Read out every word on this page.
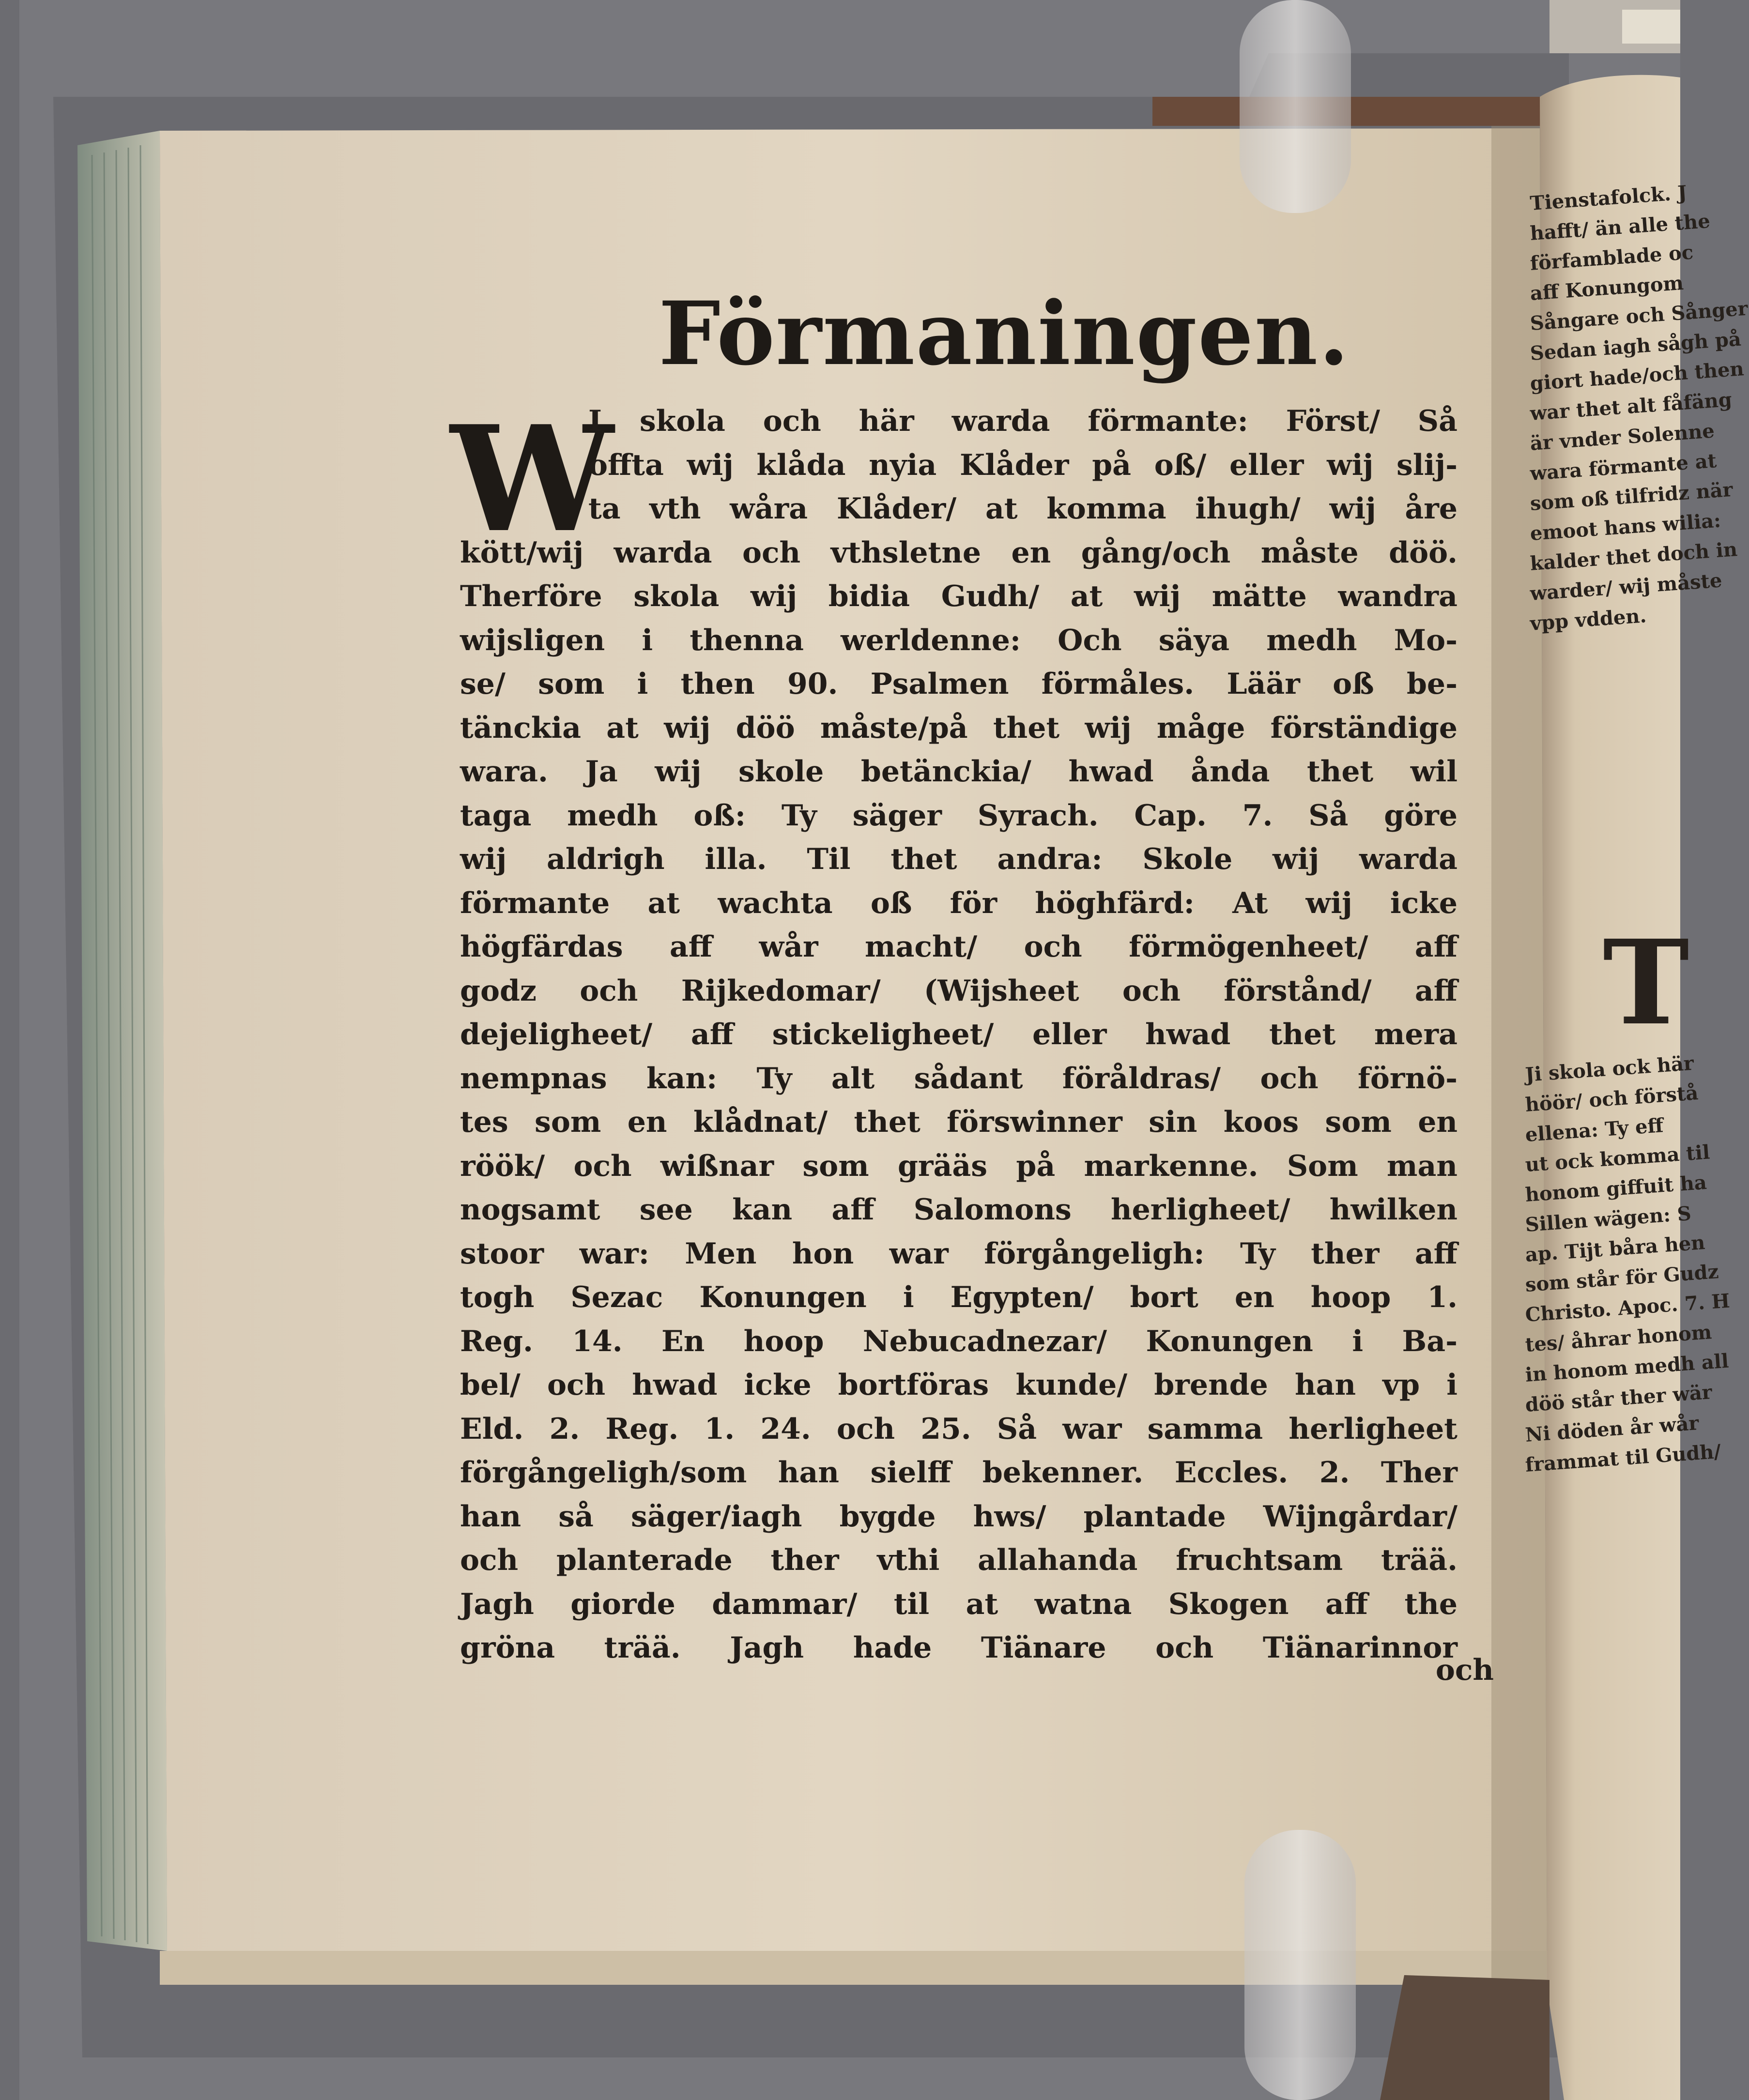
Förmaningen.
W
I skola och här warda förmante: Först/ Så
offta wij klåda nyia Klåder på oß/ eller wij slij-
ta vth wåra Klåder/ at komma ihugh/ wij åre
kött/wij warda och vthsletne en gång/och måste döö.
Therföre skola wij bidia Gudh/ at wij mätte wandra
wijsligen i thenna werldenne: Och säya medh Mo-
se/ som i then 90. Psalmen förmåles. Läär oß be-
tänckia at wij döö måste/på thet wij måge förständige
wara. Ja wij skole betänckia/ hwad ånda thet wil
taga medh oß: Ty säger Syrach. Cap. 7. Så göre
wij aldrigh illa. Til thet andra: Skole wij warda
förmante at wachta oß för höghfärd: At wij icke
högfärdas aff wår macht/ och förmögenheet/ aff
godz och Rijkedomar/ (Wijsheet och förstånd/ aff
dejeligheet/ aff stickeligheet/ eller hwad thet mera
nempnas kan: Ty alt sådant föråldras/ och förnö-
tes som en klådnat/ thet förswinner sin koos som en
röök/ och wißnar som grääs på markenne. Som man
nogsamt see kan aff Salomons herligheet/ hwilken
stoor war: Men hon war förgångeligh: Ty ther aff
togh Sezac Konungen i Egypten/ bort en hoop 1.
Reg. 14. En hoop Nebucadnezar/ Konungen i Ba-
bel/ och hwad icke bortföras kunde/ brende han vp i
Eld. 2. Reg. 1. 24. och 25. Så war samma herligheet
förgångeligh/som han sielff bekenner. Eccles. 2. Ther
han så säger/iagh bygde hws/ plantade Wijngårdar/
och planterade ther vthi allahanda fruchtsam trää.
Jagh giorde dammar/ til at watna Skogen aff the
gröna trää. Jagh hade Tiänare och Tiänarinnor
och
Tienstafolck. J
hafft/ än alle the
förfamblade oc
aff Konungom
Sångare och Sånger
Sedan iagh sågh på
giort hade/och then
war thet alt fåfäng
är vnder Solenne
wara förmante at
som oß tilfridz när
emoot hans wilia:
kalder thet doch in
warder/ wij måste
vpp vdden.
T
Ji skola ock här
höör/ och förstå
ellena: Ty eff
ut ock komma til
honom giffuit ha
Sillen wägen: S
ap. Tijt båra hen
som står för Gudz
Christo. Apoc. 7. H
tes/ åhrar honom
in honom medh all
döö står ther wär
Ni döden år wår
frammat til Gudh/
